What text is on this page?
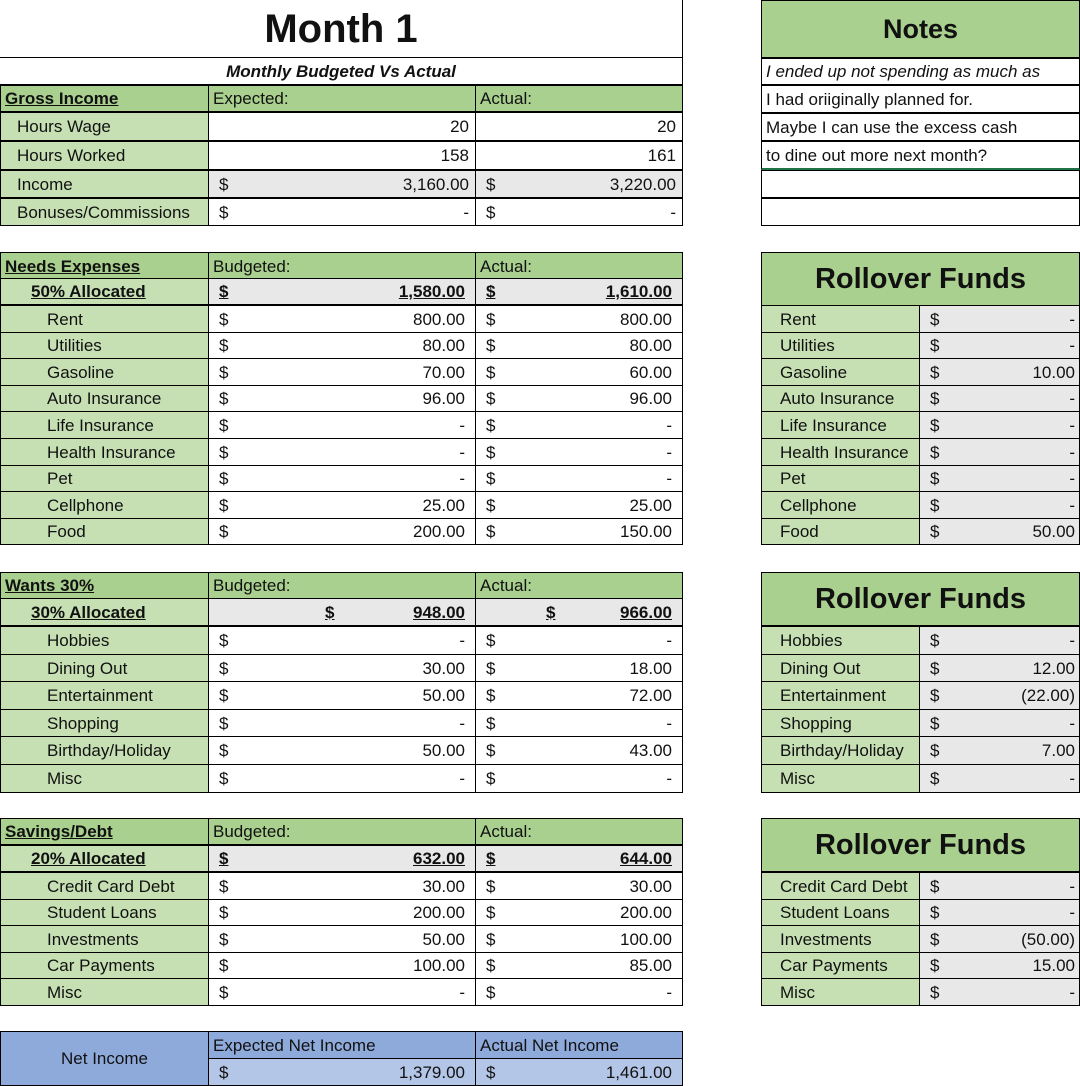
Month 1
Monthly Budgeted Vs Actual
Gross Income	Expected:	Actual:
Hours Wage	20	20
Hours Worked	158	161
Income	$	3,160.00 $	3,220.00
Bonuses/Commissions	$	- $	-
Needs Expenses	Budgeted:	Actual:
50% Allocated	$	1,580.00 $	1,610.00
Rent	$	800.00 $	800.00
Utilities	$	80.00 $	80.00
Gasoline	$	70.00 $	60.00
Auto Insurance	$	96.00 $	96.00
Life Insurance	$	- $	-
Health Insurance	$	- $	-
Pet	$	- $	-
Cellphone	$	25.00 $	25.00
Food	$	200.00 $	150.00
Wants 30%	Budgeted:	Actual:
30% Allocated	$	948.00	$	966.00
Hobbies	$	- $	-
Dining Out	$	30.00 $	18.00
Entertainment	$	50.00 $	72.00
Shopping	$	- $	-
Birthday/Holiday	$	50.00 $	43.00
Misc	$	- $	-
Savings/Debt	Budgeted:	Actual:
20% Allocated	$	632.00 $	644.00
Credit Card Debt	$	30.00 $	30.00
Student Loans	$	200.00 $	200.00
Investments	$	50.00 $	100.00
Car Payments	$	100.00 $	85.00
Misc	$	- $	-
Net Income
Expected Net Income	Actual Net Income
$	1,379.00 $	1,461.00
Notes
I ended up not spending as much as
I had oriiginally planned for.
Maybe I can use the excess cash
to dine out more next month?
Rollover Funds
Rent	$	-
Utilities	$	-
Gasoline	$	10.00
Auto Insurance	$	-
Life Insurance	$	-
Health Insurance	$	-
Pet	$	-
Cellphone	$	-
Food	$	50.00
Rollover Funds
Hobbies	$	-
Dining Out	$	12.00
Entertainment	$	(22.00)
Shopping	$	-
Birthday/Holiday	$	7.00
Misc	$	-
Rollover Funds
Credit Card Debt	$	-
Student Loans	$	-
Investments	$	(50.00)
Car Payments	$	15.00
Misc	$	-
